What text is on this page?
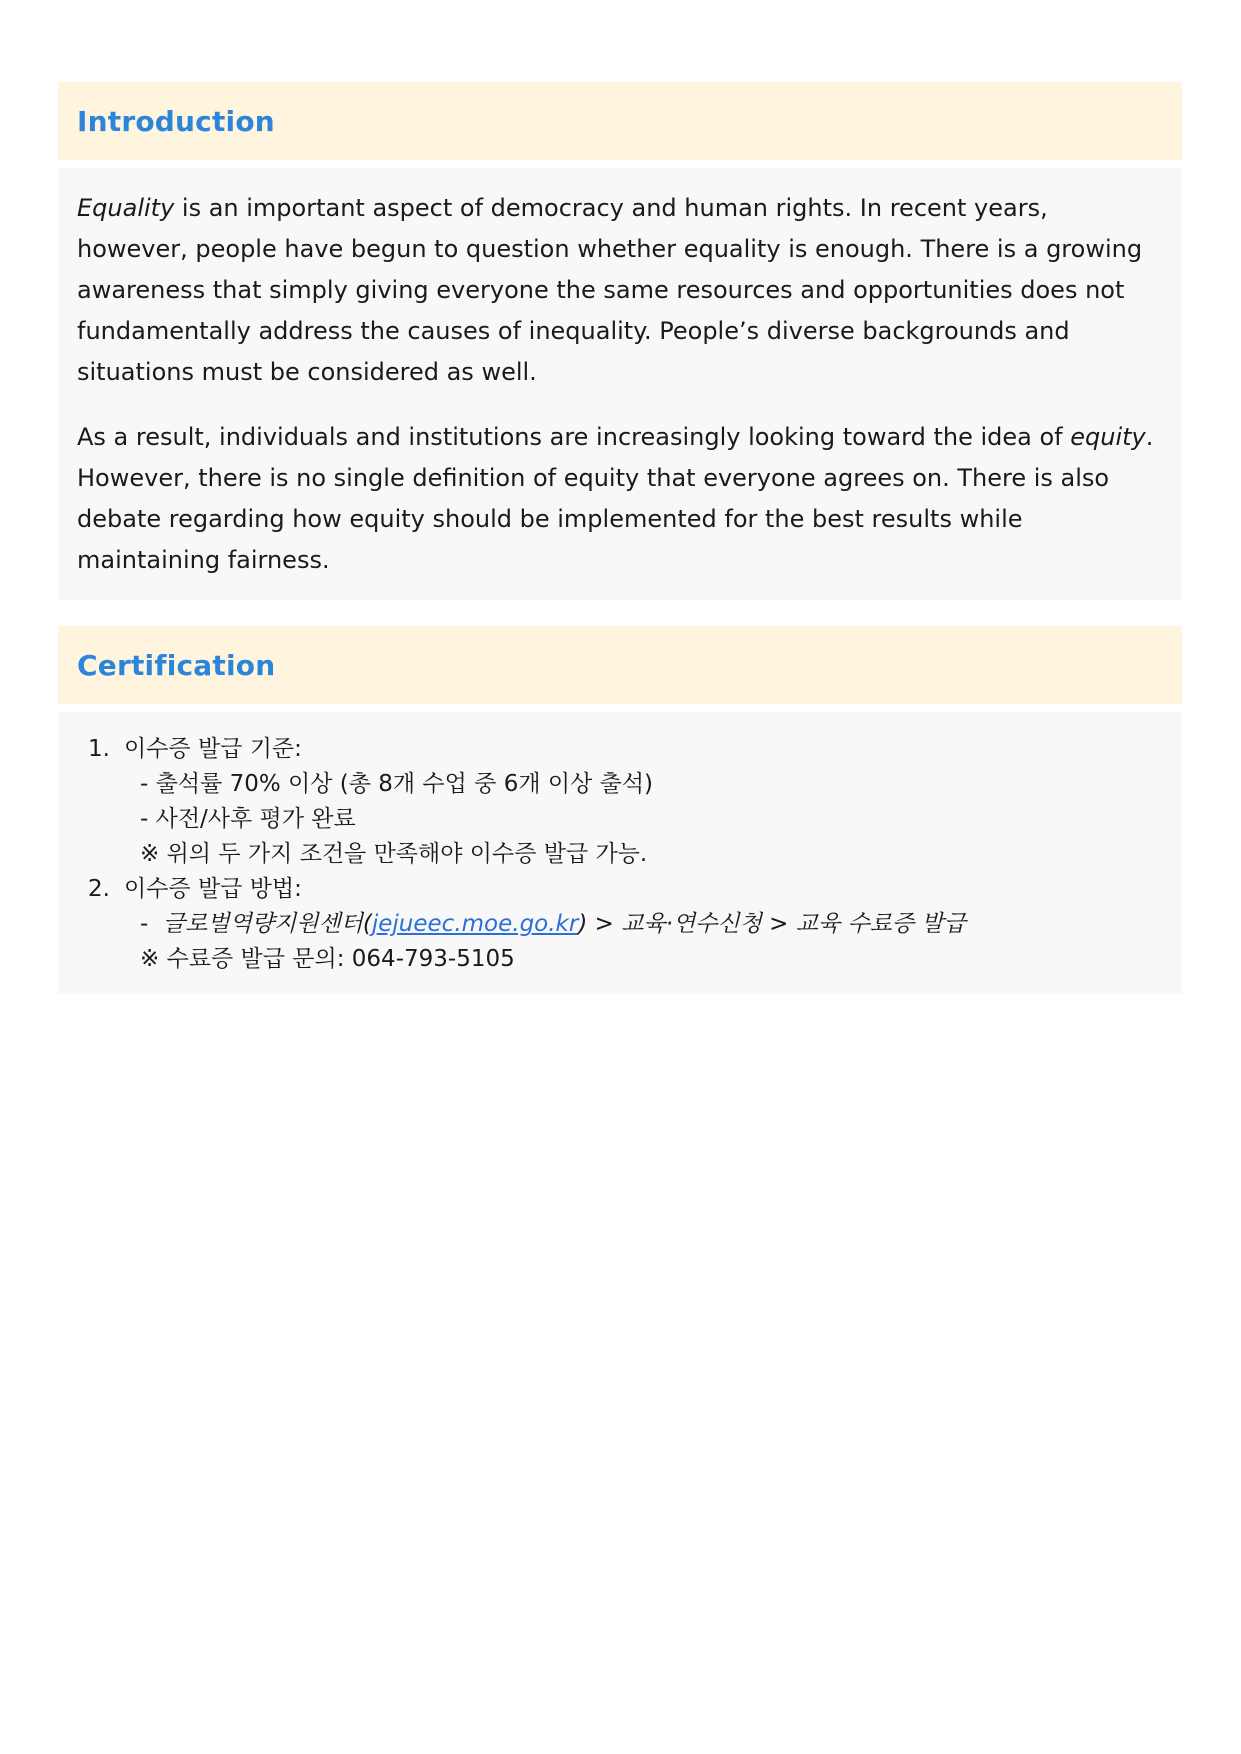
Introduction

Equality is an important aspect of democracy and human rights. In recent years, however, people have begun to question whether equality is enough. There is a growing awareness that simply giving everyone the same resources and opportunities does not fundamentally address the causes of inequality. People’s diverse backgrounds and situations must be considered as well.

As a result, individuals and institutions are increasingly looking toward the idea of equity. However, there is no single definition of equity that everyone agrees on. There is also debate regarding how equity should be implemented for the best results while maintaining fairness.

Certification
1. 이수증 발급 기준:
- 출석률 70% 이상 (총 8개 수업 중 6개 이상 출석)
- 사전/사후 평가 완료
※ 위의 두 가지 조건을 만족해야 이수증 발급 가능.
2. 이수증 발급 방법:
-  글로벌역량지원센터(jejueec.moe.go.kr) > 교육·연수신청 > 교육 수료증 발급
※ 수료증 발급 문의: 064-793-5105
